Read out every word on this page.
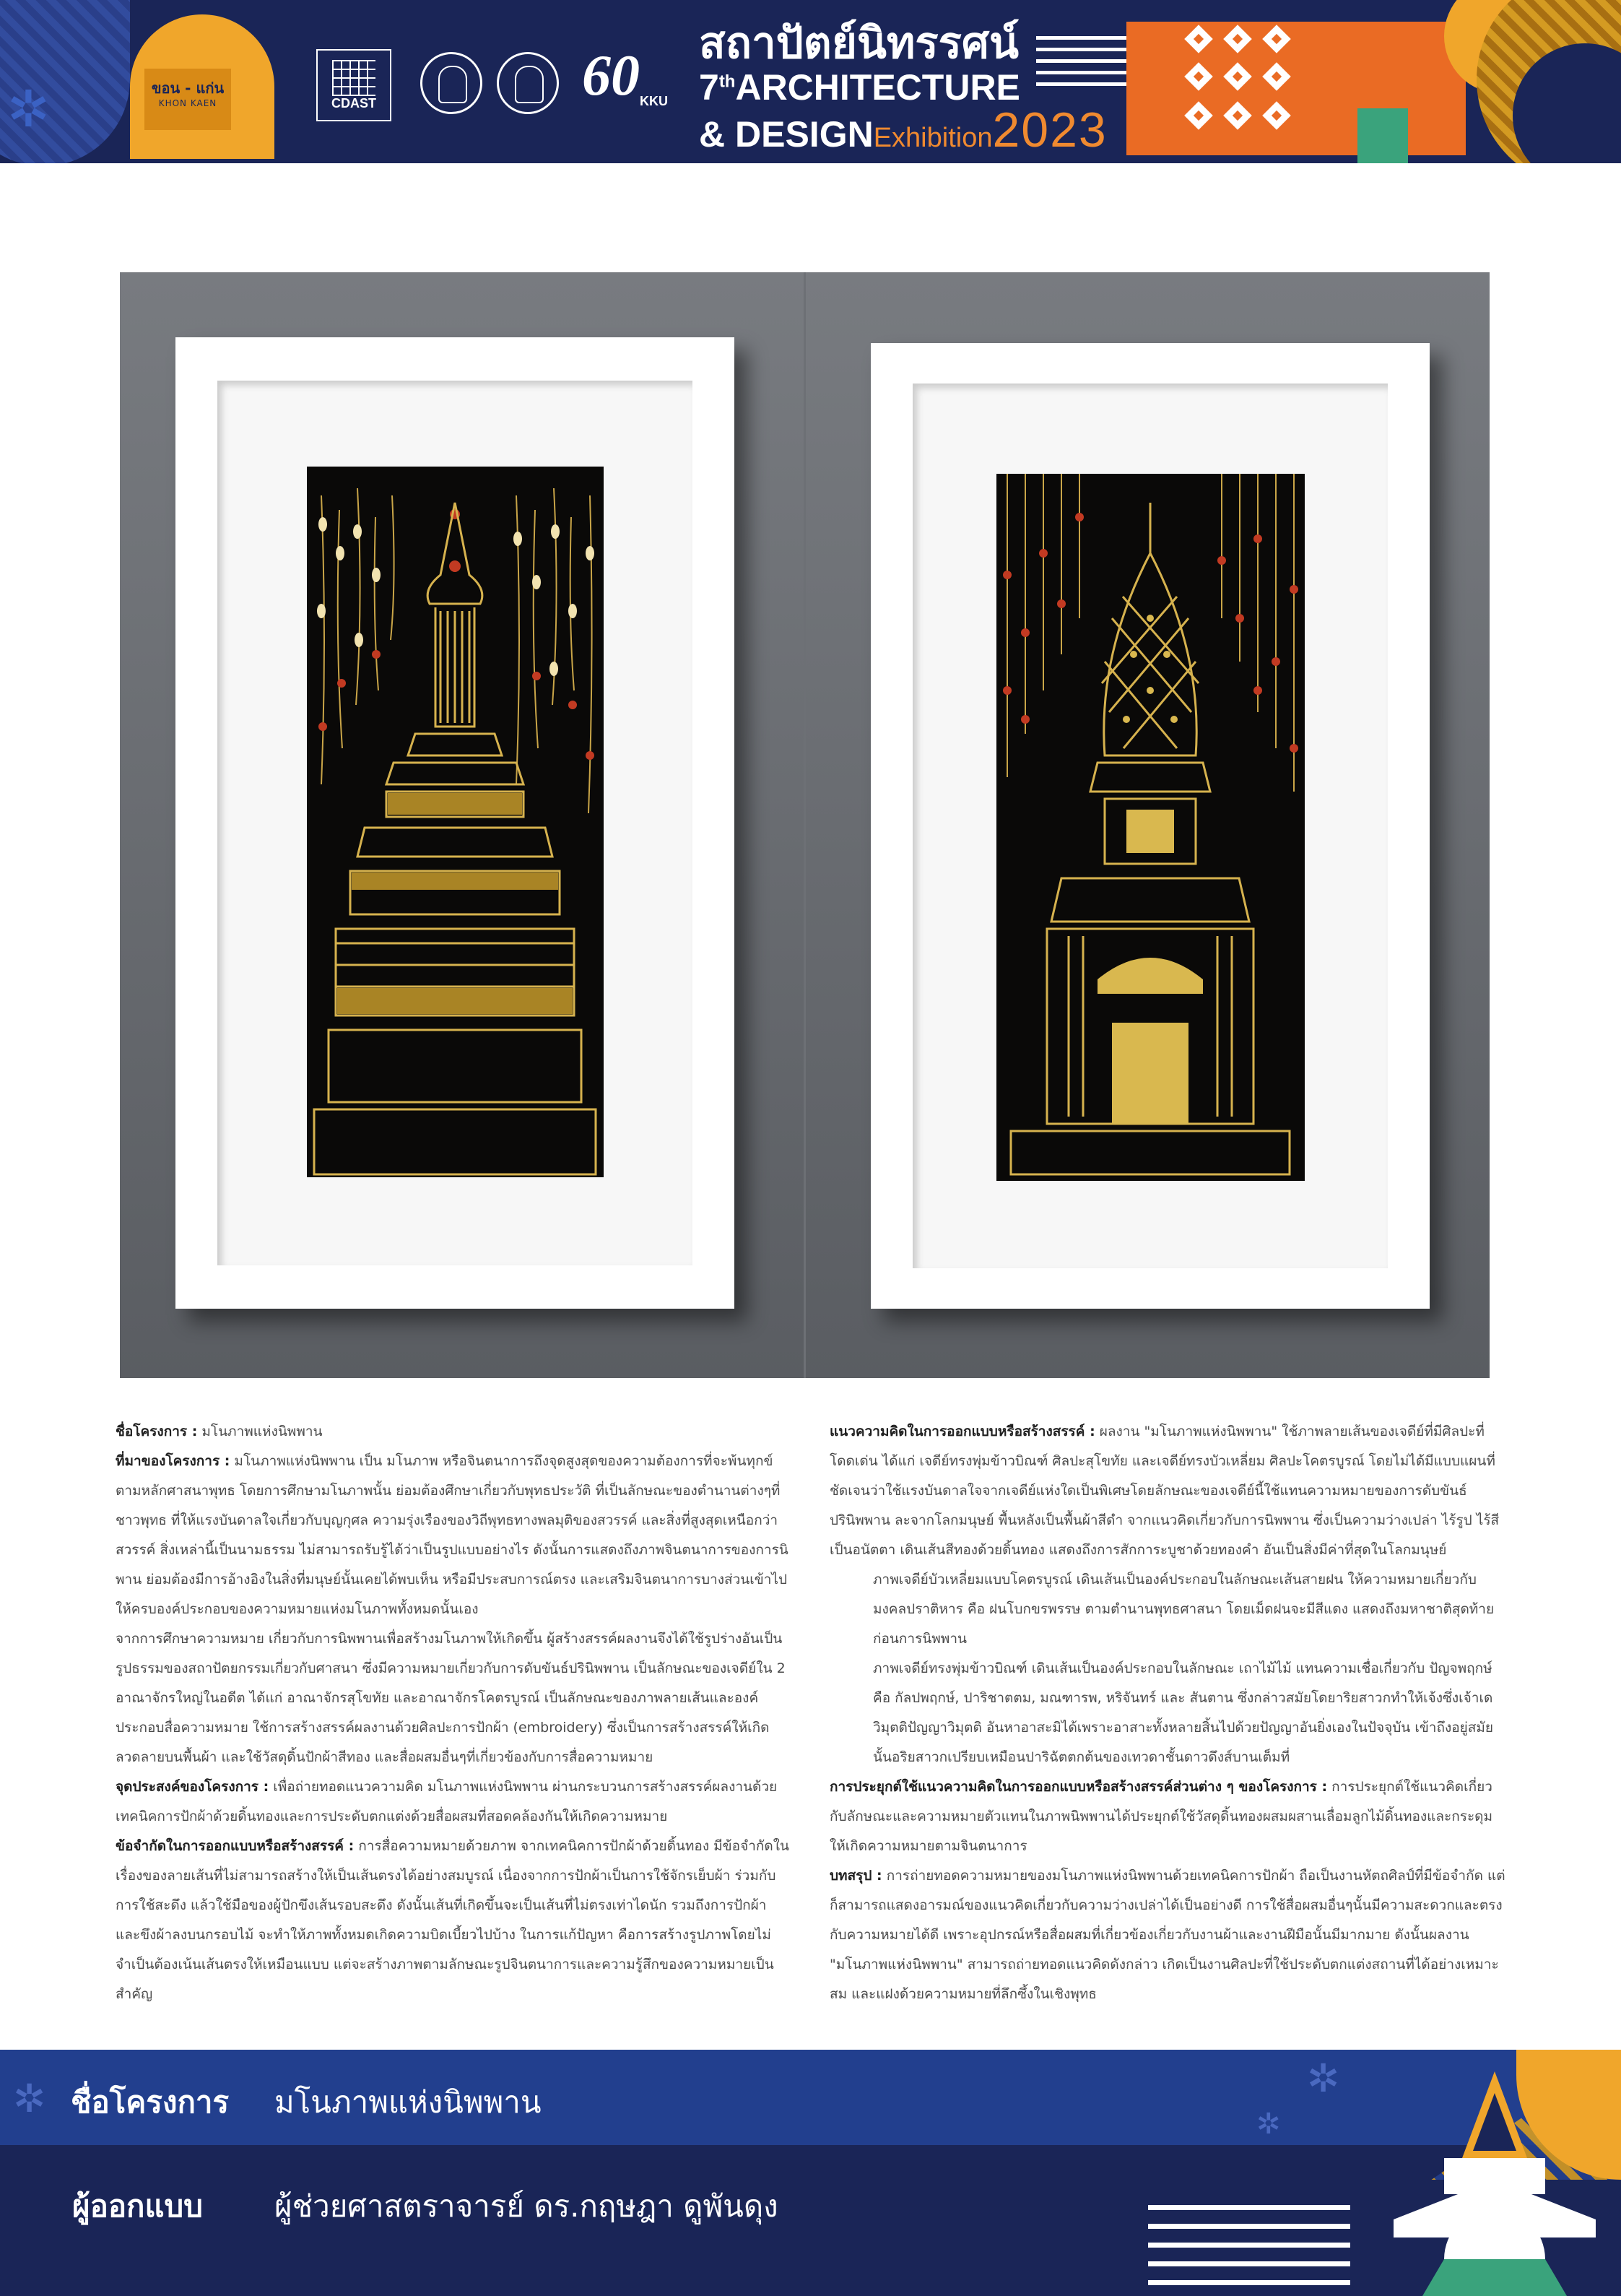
✲	ขอน - แก่น
KHON KAEN	CDAST	60 KKU
สถาปัตย์นิทรรศน์
7thARCHITECTURE
& DESIGNExhibition2023

ชื่อโครงการ : มโนภาพแห่งนิพพาน

ที่มาของโครงการ : มโนภาพแห่งนิพพาน เป็น มโนภาพ หรือจินตนาการถึงจุดสูงสุดของความต้องการที่จะพ้นทุกข์ตามหลักศาสนาพุทธ โดยการศึกษามโนภาพนั้น ย่อมต้องศึกษาเกี่ยวกับพุทธประวัติ ที่เป็นลักษณะของตำนานต่างๆที่ชาวพุทธ ที่ให้แรงบันดาลใจเกี่ยวกับบุญกุศล ความรุ่งเรืองของวิถีพุทธทางพลมุติของสวรรค์ และสิ่งที่สูงสุดเหนือกว่าสวรรค์ สิ่งเหล่านี้เป็นนามธรรม ไม่สามารถรับรู้ได้ว่าเป็นรูปแบบอย่างไร ดังนั้นการแสดงถึงภาพจินตนาการของการนิพาน ย่อมต้องมีการอ้างอิงในสิ่งที่มนุษย์นั้นเคยได้พบเห็น หรือมีประสบการณ์ตรง และเสริมจินตนาการบางส่วนเข้าไปให้ครบองค์ประกอบของความหมายแห่งมโนภาพทั้งหมดนั้นเอง

จากการศึกษาความหมาย เกี่ยวกับการนิพพานเพื่อสร้างมโนภาพให้เกิดขึ้น ผู้สร้างสรรค์ผลงานจึงได้ใช้รูปร่างอันเป็นรูปธรรมของสถาปัตยกรรมเกี่ยวกับศาสนา ซึ่งมีความหมายเกี่ยวกับการดับขันธ์ปรินิพพาน เป็นลักษณะของเจดีย์ใน 2 อาณาจักรใหญ่ในอดีต ได้แก่ อาณาจักรสุโขทัย และอาณาจักรโคตรบูรณ์ เป็นลักษณะของภาพลายเส้นและองค์ประกอบสื่อความหมาย ใช้การสร้างสรรค์ผลงานด้วยศิลปะการปักผ้า (embroidery) ซึ่งเป็นการสร้างสรรค์ให้เกิดลวดลายบนพื้นผ้า และใช้วัสดุดิ้นปักผ้าสีทอง และสื่อผสมอื่นๆที่เกี่ยวข้องกับการสื่อความหมาย

จุดประสงค์ของโครงการ : เพื่อถ่ายทอดแนวความคิด มโนภาพแห่งนิพพาน ผ่านกระบวนการสร้างสรรค์ผลงานด้วยเทคนิคการปักผ้าด้วยดิ้นทองและการประดับตกแต่งด้วยสื่อผสมที่สอดคล้องกันให้เกิดความหมาย

ข้อจำกัดในการออกแบบหรือสร้างสรรค์ : การสื่อความหมายด้วยภาพ จากเทคนิคการปักผ้าด้วยดิ้นทอง มีข้อจำกัดในเรื่องของลายเส้นที่ไม่สามารถสร้างให้เป็นเส้นตรงได้อย่างสมบูรณ์ เนื่องจากการปักผ้าเป็นการใช้จักรเย็บผ้า ร่วมกับการใช้สะดึง แล้วใช้มือของผู้ปักขึงเส้นรอบสะดึง ดังนั้นเส้นที่เกิดขึ้นจะเป็นเส้นที่ไม่ตรงเท่าไดนัก รวมถึงการปักผ้า และขึงผ้าลงบนกรอบไม้ จะทำให้ภาพทั้งหมดเกิดความบิดเบี้ยวไปบ้าง ในการแก้ปัญหา คือการสร้างรูปภาพโดยไม่จำเป็นต้องเน้นเส้นตรงให้เหมือนแบบ แต่จะสร้างภาพตามลักษณะรูปจินตนาการและความรู้สึกของความหมายเป็นสำคัญ

แนวความคิดในการออกแบบหรือสร้างสรรค์ : ผลงาน "มโนภาพแห่งนิพพาน" ใช้ภาพลายเส้นของเจดีย์ที่มีศิลปะที่โดดเด่น ได้แก่ เจดีย์ทรงพุ่มข้าวบิณฑ์ ศิลปะสุโขทัย และเจดีย์ทรงบัวเหลี่ยม ศิลปะโคตรบูรณ์ โดยไม่ได้มีแบบแผนที่ชัดเจนว่าใช้แรงบันดาลใจจากเจดีย์แห่งใดเป็นพิเศษโดยลักษณะของเจดีย์นี้ใช้แทนความหมายของการดับขันธ์ปรินิพพาน ละจากโลกมนุษย์ พื้นหลังเป็นพื้นผ้าสีดำ จากแนวคิดเกี่ยวกับการนิพพาน ซึ่งเป็นความว่างเปล่า ไร้รูป ไร้สี เป็นอนัตตา เดินเส้นสีทองด้วยดิ้นทอง แสดงถึงการสักการะบูชาด้วยทองคำ อันเป็นสิ่งมีค่าที่สุดในโลกมนุษย์

ภาพเจดีย์บัวเหลี่ยมแบบโคตรบูรณ์ เดินเส้นเป็นองค์ประกอบในลักษณะเส้นสายฝน ให้ความหมายเกี่ยวกับมงคลปราติหาร คือ ฝนโบกขรพรรษ ตามตำนานพุทธศาสนา โดยเม็ดฝนจะมีสีแดง แสดงถึงมหาชาติสุดท้ายก่อนการนิพพาน

ภาพเจดีย์ทรงพุ่มข้าวบิณฑ์ เดินเส้นเป็นองค์ประกอบในลักษณะ เถาไม้ไม้ แทนความเชื่อเกี่ยวกับ ปัญจพฤกษ์ คือ กัลปพฤกษ์, ปาริชาตตม, มณฑารพ, หริจันทร์ และ สันตาน ซึ่งกล่าวสมัยโดยาริยสาวกทำให้เจ้งซึ่งเจ้าเดวิมุตติปัญญาวิมุตติ อันหาอาสะมิได้เพราะอาสาะทั้งหลายสิ้นไปด้วยปัญญาอันยิ่งเองในปัจจุบัน เข้าถึงอยู่สมัยนั้นอริยสาวกเปรียบเหมือนปาริฉัตตกต้นของเทวดาชั้นดาวดึงส์บานเต็มที่

การประยุกต์ใช้แนวความคิดในการออกแบบหรือสร้างสรรค์ส่วนต่าง ๆ ของโครงการ : การประยุกต์ใช้แนวคิดเกี่ยวกับลักษณะและความหมายตัวแทนในภาพนิพพานได้ประยุกต์ใช้วัสดุดิ้นทองผสมผสานเลื่อมลูกไม้ดิ้นทองและกระดุม ให้เกิดความหมายตามจินตนาการ

บทสรุป : การถ่ายทอดความหมายของมโนภาพแห่งนิพพานด้วยเทคนิคการปักผ้า ถือเป็นงานหัตถศิลป์ที่มีข้อจำกัด แต่ก็สามารถแสดงอารมณ์ของแนวคิดเกี่ยวกับความว่างเปล่าได้เป็นอย่างดี การใช้สื่อผสมอื่นๆนั้นมีความสะดวกและตรงกับความหมายได้ดี เพราะอุปกรณ์หรือสื่อผสมที่เกี่ยวข้องเกี่ยวกับงานผ้าและงานฝีมือนั้นมีมากมาย ดังนั้นผลงาน "มโนภาพแห่งนิพพาน" สามารถถ่ายทอดแนวคิดดังกล่าว เกิดเป็นงานศิลปะที่ใช้ประดับตกแต่งสถานที่ได้อย่างเหมาะสม และแฝงด้วยความหมายที่ลึกซึ้งในเชิงพุทธ

✲ ชื่อโครงการ มโนภาพแห่งนิพพาน
ผู้ออกแบบ ผู้ช่วยศาสตราจารย์ ดร.กฤษฎา ดูพันดุง
✲
✲
